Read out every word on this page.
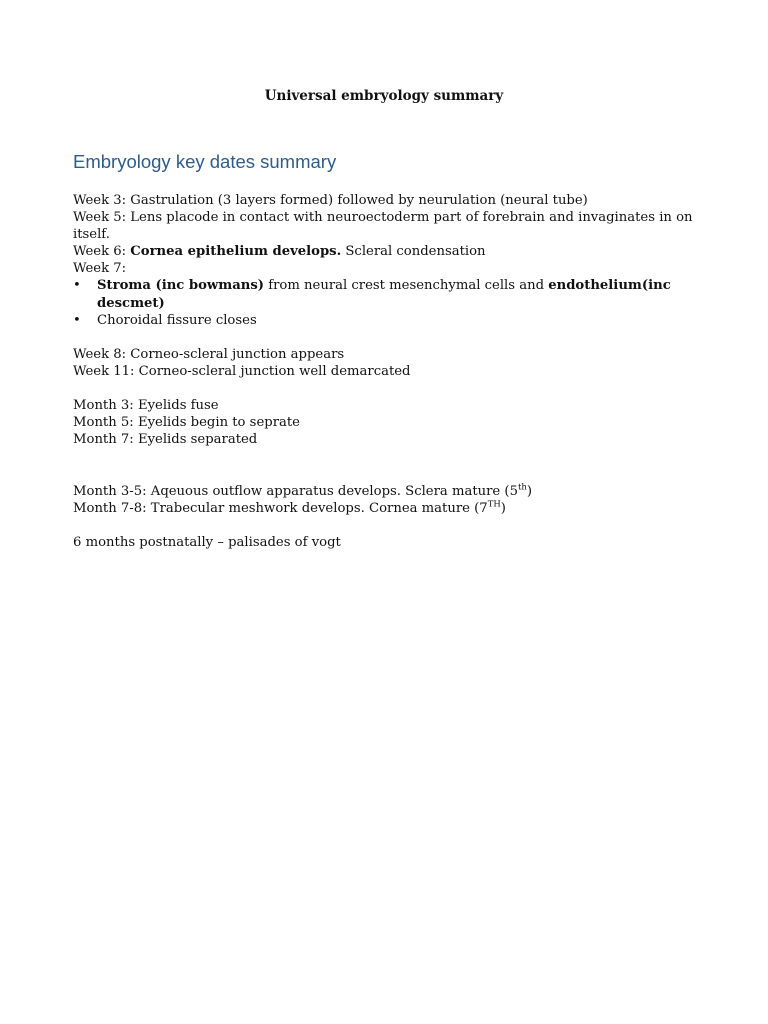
Universal embryology summary
Embryology key dates summary
Week 3: Gastrulation (3 layers formed) followed by neurulation (neural tube)
Week 5: Lens placode in contact with neuroectoderm part of forebrain and invaginates in on
itself.
Week 6: Cornea epithelium develops. Scleral condensation
Week 7:
• Stroma (inc bowmans) from neural crest mesenchymal cells and endothelium(inc descmet)
• Choroidal fissure closes
Week 8: Corneo-scleral junction appears
Week 11: Corneo-scleral junction well demarcated
Month 3: Eyelids fuse
Month 5: Eyelids begin to seprate
Month 7: Eyelids separated
Month 3-5: Aqeuous outflow apparatus develops. Sclera mature (5th)
Month 7-8: Trabecular meshwork develops. Cornea mature (7TH)
6 months postnatally – palisades of vogt
